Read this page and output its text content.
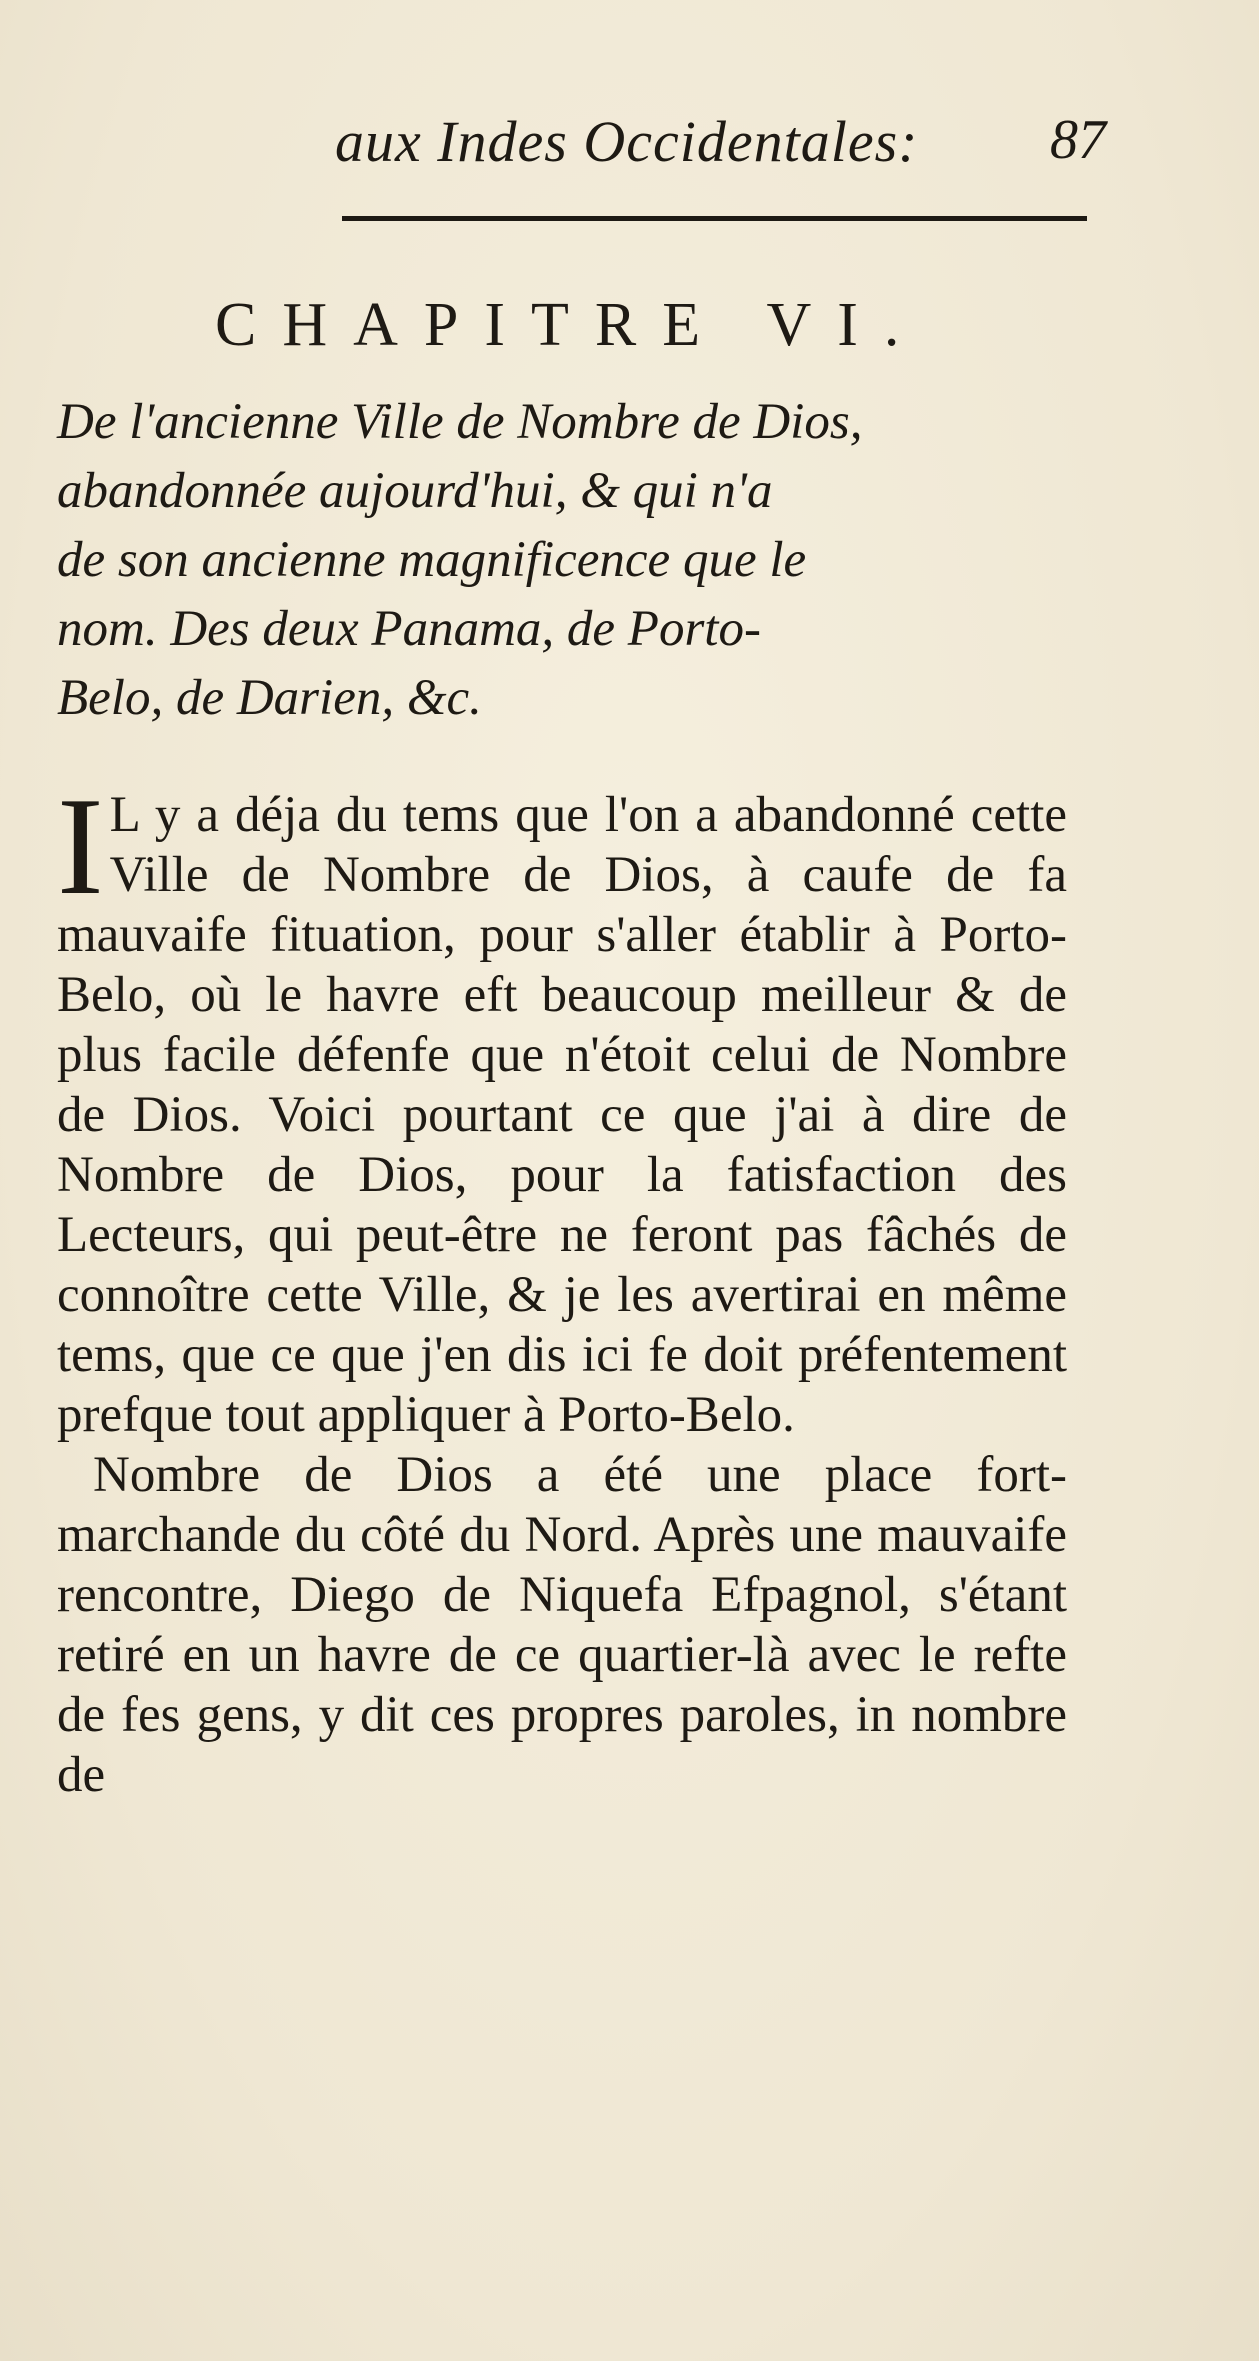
aux Indes Occidentales: 87
CHAPITRE VI.
De l'ancienne Ville de Nombre de Dios,
abandonnée aujourd'hui, & qui n'a
de son ancienne magnificence que le
nom. Des deux Panama, de Porto-
Belo, de Darien, &c.

IL y a déja du tems que l'on a abandonné cette Ville de Nombre de Dios, à caufe de fa mauvaife fituation, pour s'aller établir à Porto-Belo, où le havre eft beaucoup meilleur & de plus facile défenfe que n'étoit celui de Nombre de Dios. Voici pourtant ce que j'ai à dire de Nombre de Dios, pour la fatisfaction des Lecteurs, qui peut-être ne feront pas fâchés de connoître cette Ville, & je les avertirai en même tems, que ce que j'en dis ici fe doit préfentement prefque tout appliquer à Porto-Belo.

Nombre de Dios a été une place fort-marchande du côté du Nord. Après une mauvaife rencontre, Diego de Niquefa Efpagnol, s'étant retiré en un havre de ce quartier-là avec le refte de fes gens, y dit ces propres paroles, in nombre de
